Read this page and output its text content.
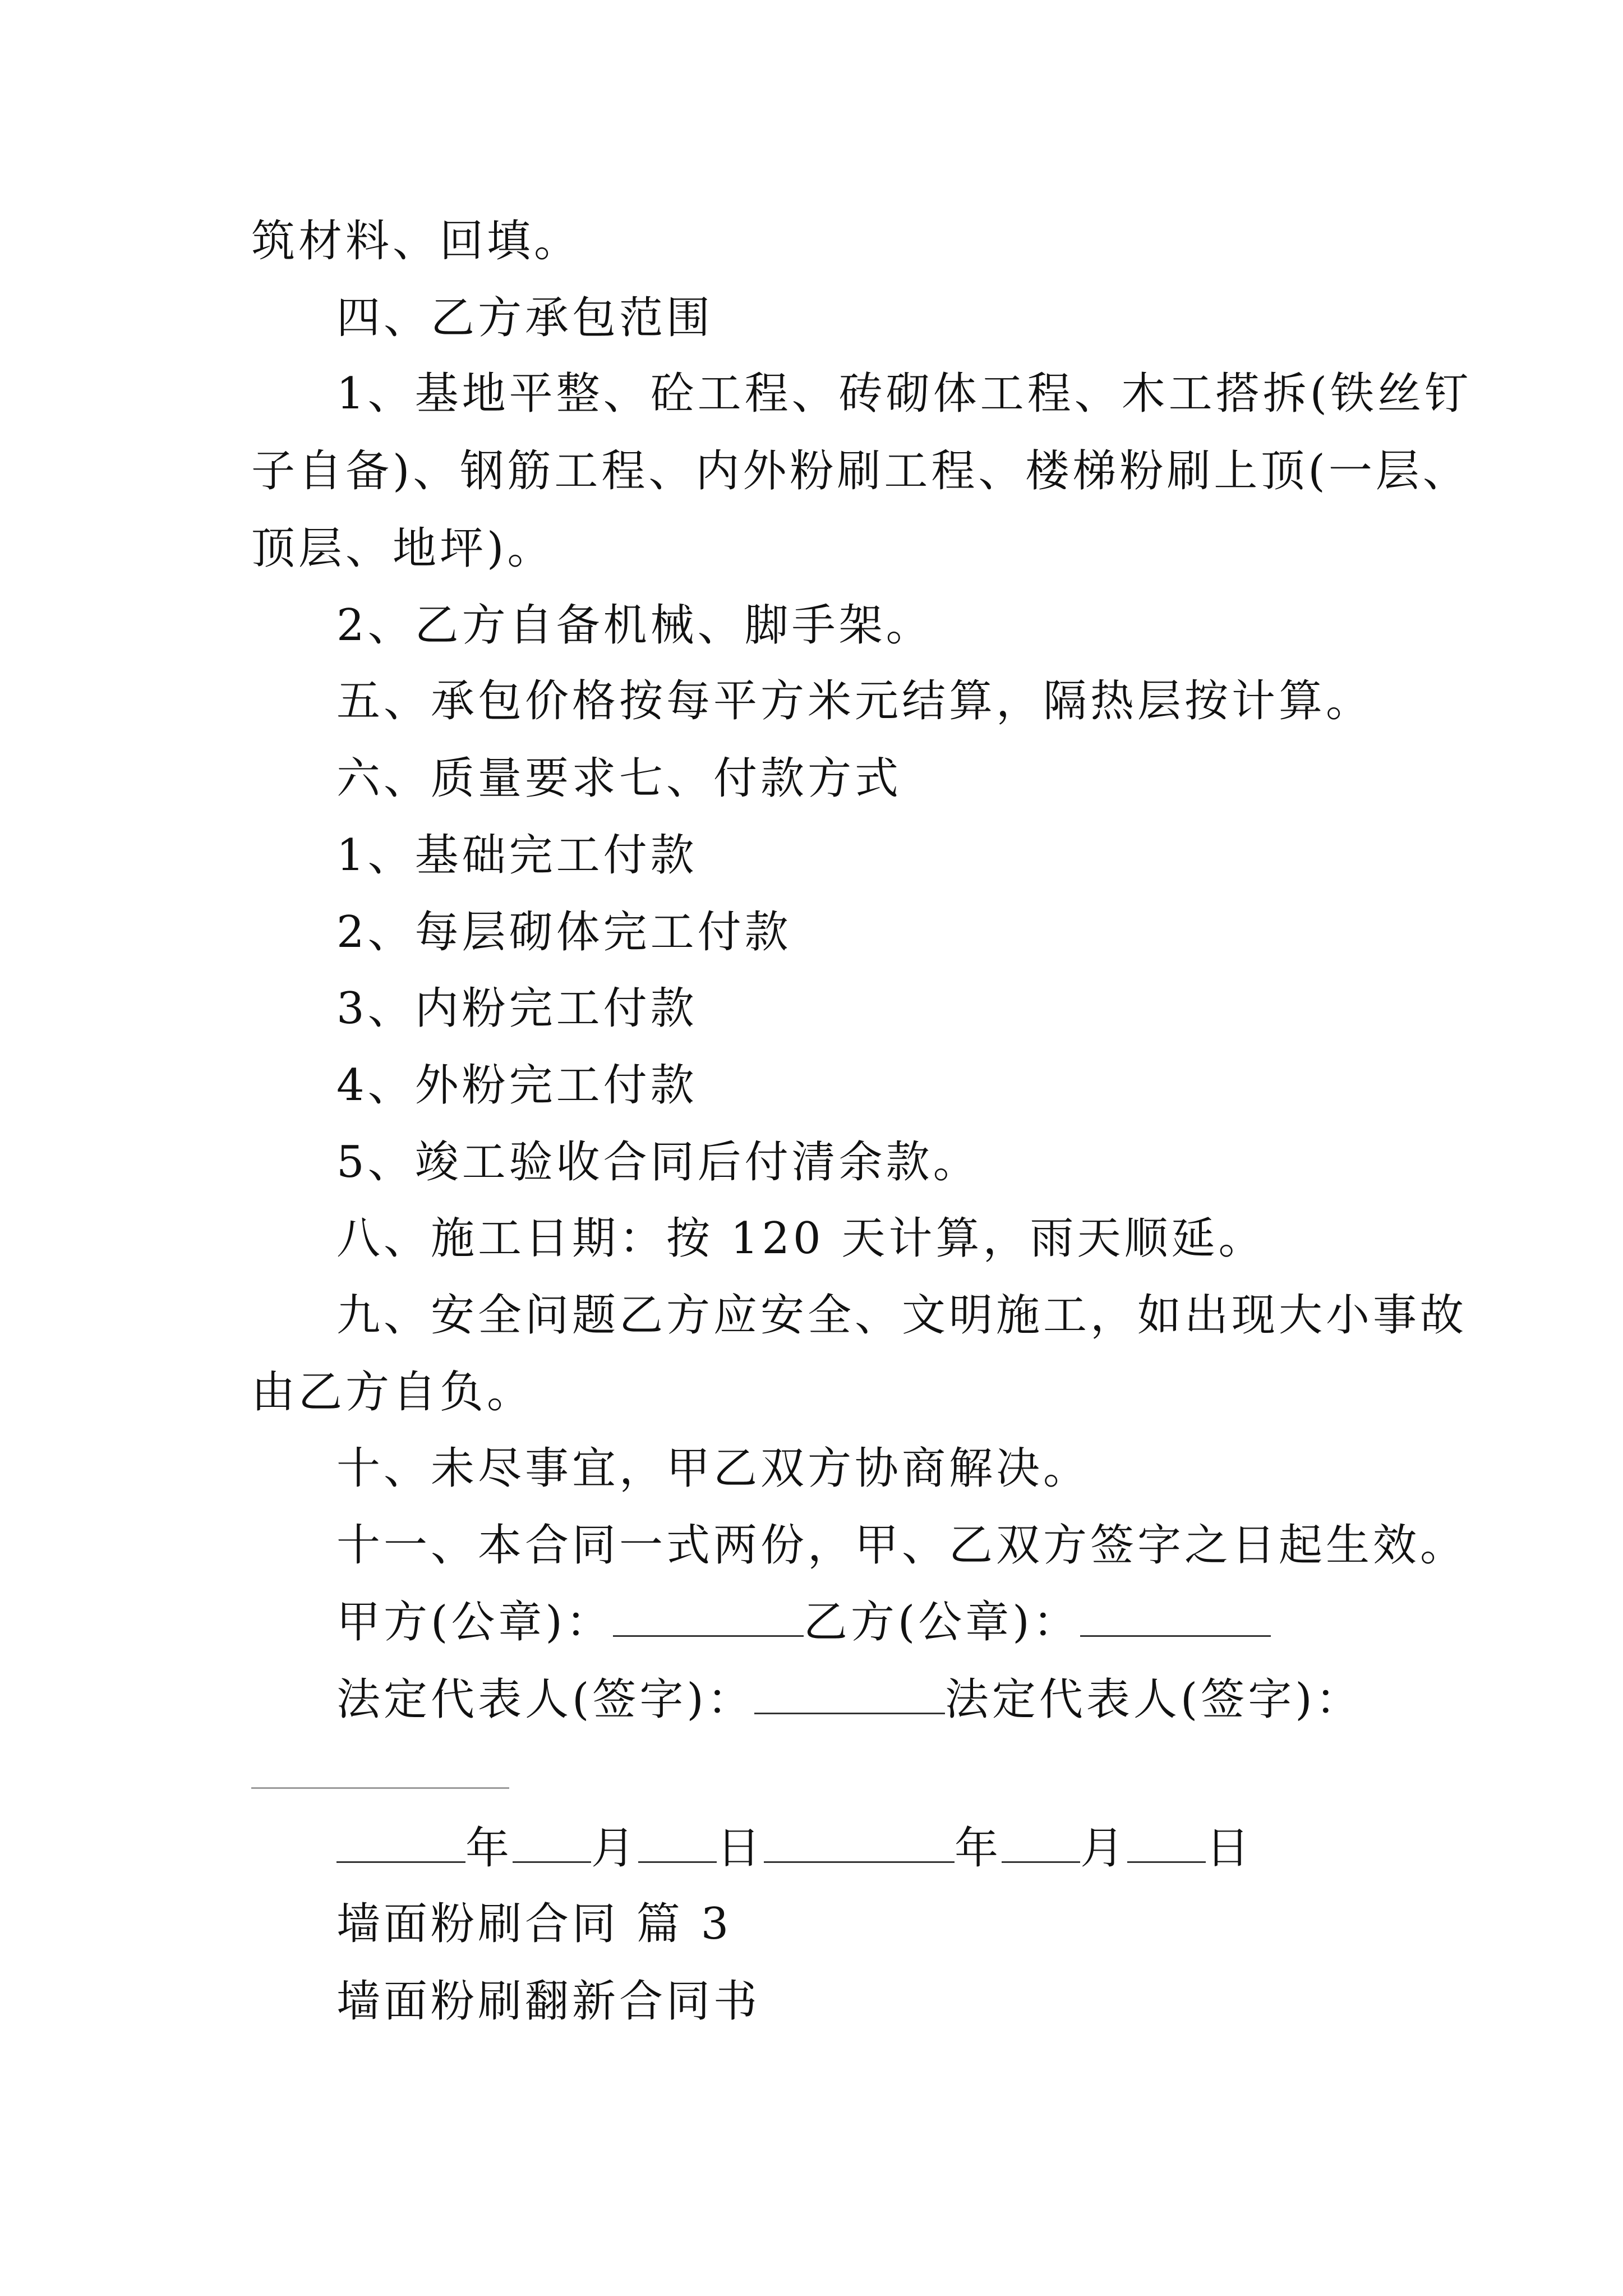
筑材料、回填。
四、乙方承包范围
1、基地平整、砼工程、砖砌体工程、木工搭拆(铁丝钉
子自备)、钢筋工程、内外粉刷工程、楼梯粉刷上顶(一层、
顶层、地坪)。
2、乙方自备机械、脚手架。
五、承包价格按每平方米元结算，隔热层按计算。
六、质量要求七、付款方式
1、基础完工付款
2、每层砌体完工付款
3、内粉完工付款
4、外粉完工付款
5、竣工验收合同后付清余款。
八、施工日期：按 120 天计算，雨天顺延。
九、安全问题乙方应安全、文明施工，如出现大小事故
由乙方自负。
十、未尽事宜，甲乙双方协商解决。
十一、本合同一式两份，甲、乙双方签字之日起生效。
甲方(公章)：	乙方(公章)：
法定代表人(签字)：	法定代表人(签字)：
年 月 日	年 月 日
墙面粉刷合同 篇 3
墙面粉刷翻新合同书
